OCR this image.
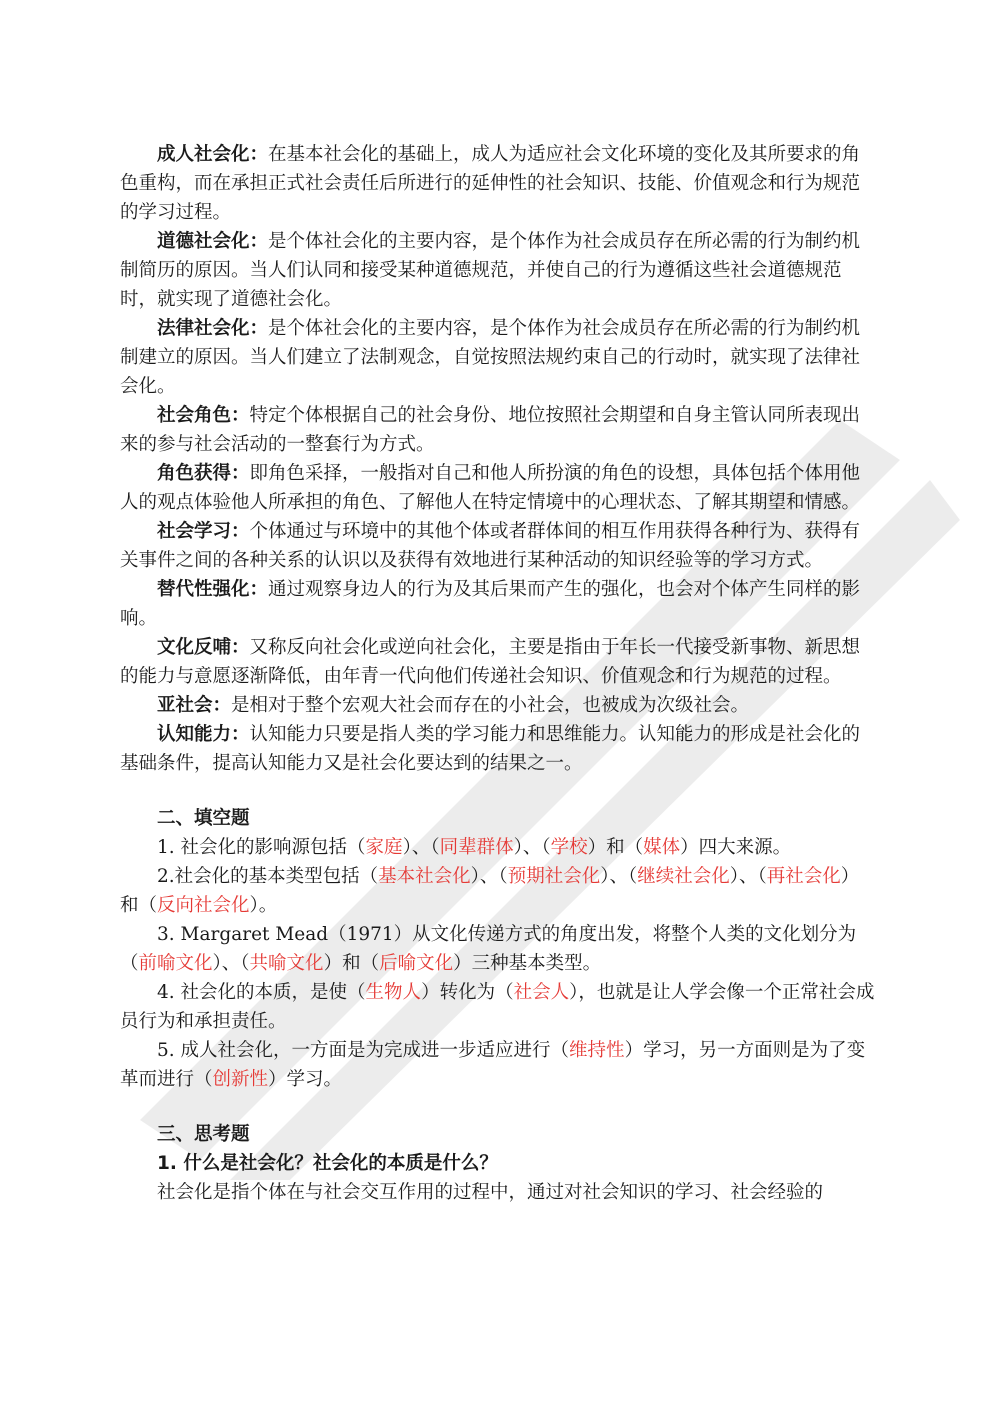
成人社会化：在基本社会化的基础上，成人为适应社会文化环境的变化及其所要求的角色重构，而在承担正式社会责任后所进行的延伸性的社会知识、技能、价值观念和行为规范的学习过程。

道德社会化：是个体社会化的主要内容，是个体作为社会成员存在所必需的行为制约机制简历的原因。当人们认同和接受某种道德规范，并使自己的行为遵循这些社会道德规范时，就实现了道德社会化。

法律社会化：是个体社会化的主要内容，是个体作为社会成员存在所必需的行为制约机制建立的原因。当人们建立了法制观念，自觉按照法规约束自己的行动时，就实现了法律社会化。

社会角色：特定个体根据自己的社会身份、地位按照社会期望和自身主管认同所表现出来的参与社会活动的一整套行为方式。

角色获得：即角色采择，一般指对自己和他人所扮演的角色的设想，具体包括个体用他人的观点体验他人所承担的角色、了解他人在特定情境中的心理状态、了解其期望和情感。

社会学习：个体通过与环境中的其他个体或者群体间的相互作用获得各种行为、获得有关事件之间的各种关系的认识以及获得有效地进行某种活动的知识经验等的学习方式。

替代性强化：通过观察身边人的行为及其后果而产生的强化，也会对个体产生同样的影响。

文化反哺：又称反向社会化或逆向社会化，主要是指由于年长一代接受新事物、新思想的能力与意愿逐渐降低，由年青一代向他们传递社会知识、价值观念和行为规范的过程。

亚社会：是相对于整个宏观大社会而存在的小社会，也被成为次级社会。

认知能力：认知能力只要是指人类的学习能力和思维能力。认知能力的形成是社会化的基础条件，提高认知能力又是社会化要达到的结果之一。

二、填空题

1. 社会化的影响源包括（家庭）、（同辈群体）、（学校）和（媒体）四大来源。

2.社会化的基本类型包括（基本社会化）、（预期社会化）、（继续社会化）、（再社会化）和（反向社会化）。

3. Margaret Mead（1971）从文化传递方式的角度出发，将整个人类的文化划分为（前喻文化）、（共喻文化）和（后喻文化）三种基本类型。

4. 社会化的本质，是使（生物人）转化为（社会人），也就是让人学会像一个正常社会成员行为和承担责任。

5. 成人社会化，一方面是为完成进一步适应进行（维持性）学习，另一方面则是为了变革而进行（创新性）学习。

三、思考题

1. 什么是社会化？社会化的本质是什么？

社会化是指个体在与社会交互作用的过程中，通过对社会知识的学习、社会经验的
